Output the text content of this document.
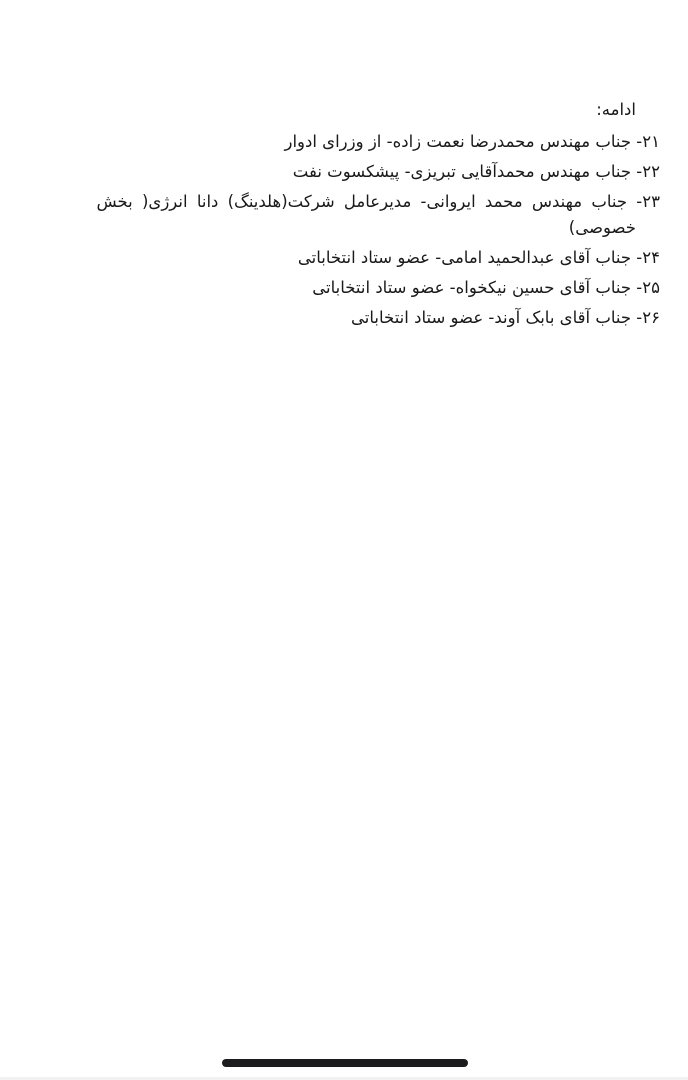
ادامه:

۲۱- جناب مهندس محمدرضا نعمت زاده- از وزرای ادوار

۲۲- جناب مهندس محمدآقایی تبریزی- پیشکسوت نفت

۲۳- جناب مهندس محمد ایروانی- مدیرعامل شرکت(هلدینگ) دانا انرژی( بخش

خصوصی)

۲۴- جناب آقای عبدالحمید امامی- عضو ستاد انتخاباتی

۲۵- جناب آقای حسین نیکخواه- عضو ستاد انتخاباتی

۲۶- جناب آقای بابک آوند- عضو ستاد انتخاباتی
